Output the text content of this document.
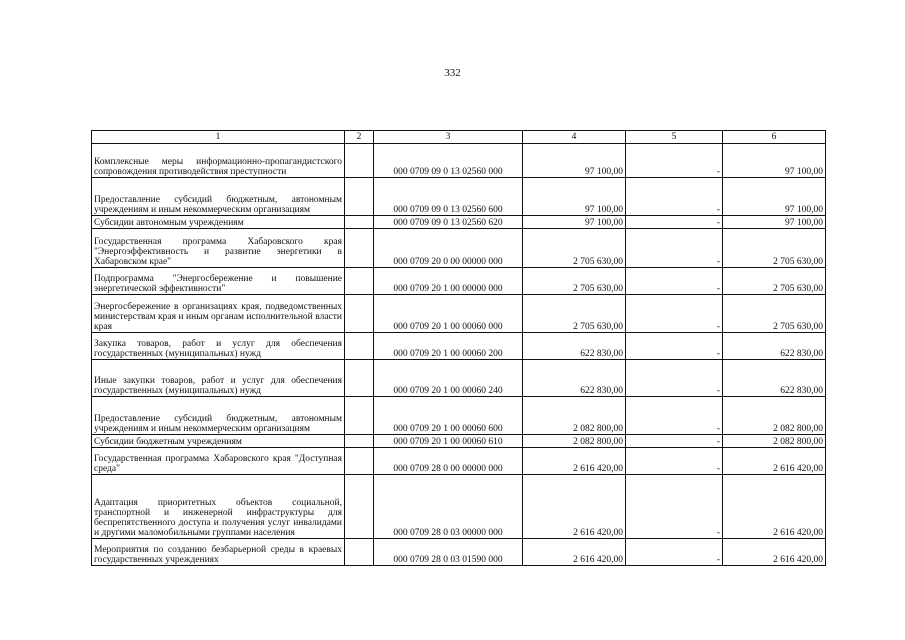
332
1	2	3	4	5	6
Комплексные меры информационно-пропагандистского сопровождения противодействия преступности		000 0709 09 0 13 02560 000	97 100,00	-	97 100,00
Предоставление субсидий бюджетным, автономным учреждениям и иным некоммерческим организациям		000 0709 09 0 13 02560 600	97 100,00	-	97 100,00
Субсидии автономным учреждениям		000 0709 09 0 13 02560 620	97 100,00	-	97 100,00
Государственная программа Хабаровского края "Энергоэффективность и развитие энергетики в Хабаровском крае"		000 0709 20 0 00 00000 000	2 705 630,00	-	2 705 630,00
Подпрограмма "Энергосбережение и повышение энергетической эффективности"		000 0709 20 1 00 00000 000	2 705 630,00	-	2 705 630,00
Энергосбережение в организациях края, подведомственных министерствам края и иным органам исполнительной власти края		000 0709 20 1 00 00060 000	2 705 630,00	-	2 705 630,00
Закупка товаров, работ и услуг для обеспечения государственных (муниципальных) нужд		000 0709 20 1 00 00060 200	622 830,00	-	622 830,00
Иные закупки товаров, работ и услуг для обеспечения государственных (муниципальных) нужд		000 0709 20 1 00 00060 240	622 830,00	-	622 830,00
Предоставление субсидий бюджетным, автономным учреждениям и иным некоммерческим организациям		000 0709 20 1 00 00060 600	2 082 800,00	-	2 082 800,00
Субсидии бюджетным учреждениям		000 0709 20 1 00 00060 610	2 082 800,00	-	2 082 800,00
Государственная программа Хабаровского края "Доступная среда"		000 0709 28 0 00 00000 000	2 616 420,00	-	2 616 420,00
Адаптация приоритетных объектов социальной, транспортной и инженерной инфраструктуры для беспрепятственного доступа и получения услуг инвалидами и другими маломобильными группами населения		000 0709 28 0 03 00000 000	2 616 420,00	-	2 616 420,00
Мероприятия по созданию безбарьерной среды в краевых государственных учреждениях		000 0709 28 0 03 01590 000	2 616 420,00	-	2 616 420,00
